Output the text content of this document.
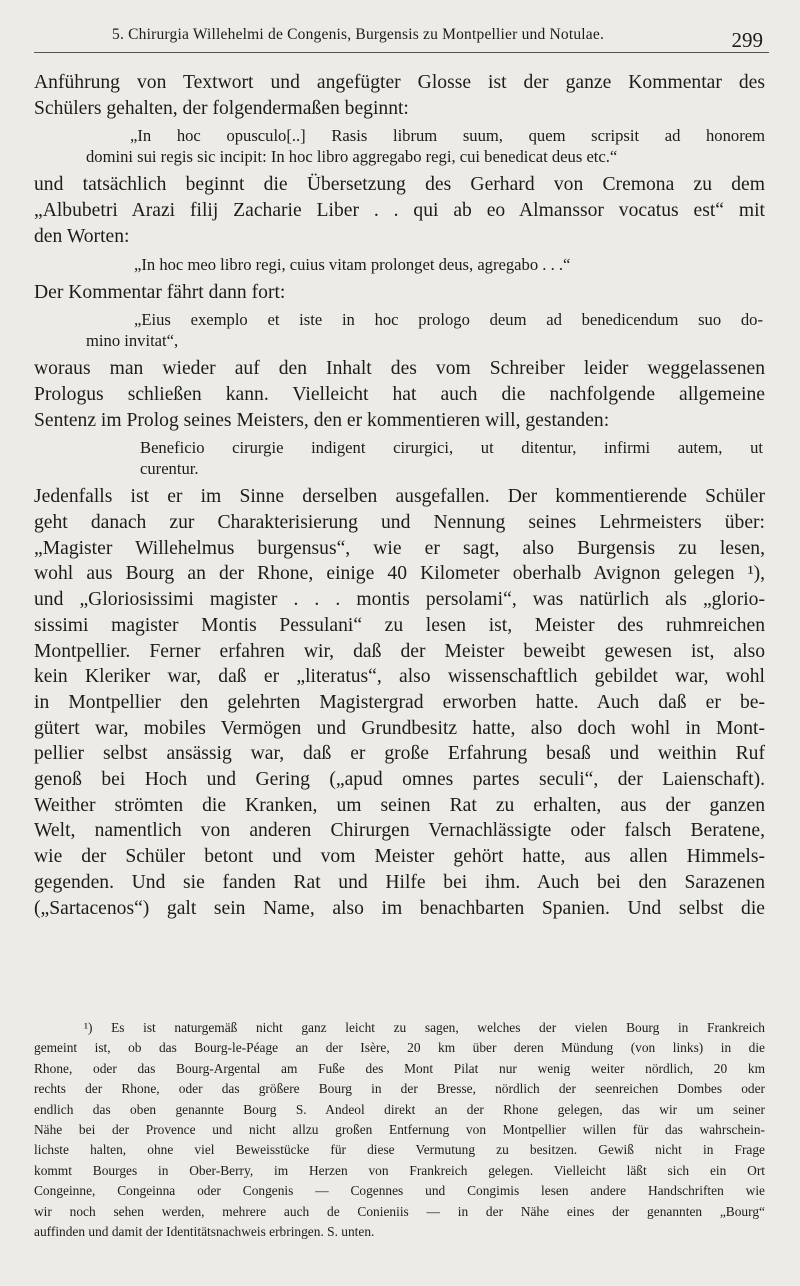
5. Chirurgia Willehelmi de Congenis, Burgensis zu Montpellier und Notulae.	299
Anführung von Textwort und angefügter Glosse ist der ganze Kommentar des
Schülers gehalten, der folgendermaßen beginnt:
„In hoc opusculo[..] Rasis librum suum, quem scripsit ad honorem
domini sui regis sic incipit: In hoc libro aggregabo regi, cui benedicat deus etc.“
und tatsächlich beginnt die Übersetzung des Gerhard von Cremona zu dem
„Albubetri Arazi filij Zacharie Liber . . qui ab eo Almanssor vocatus est“ mit
den Worten:
„In hoc meo libro regi, cuius vitam prolonget deus, agregabo . . .“
Der Kommentar fährt dann fort:
„Eius exemplo et iste in hoc prologo deum ad benedicendum suo do-
mino invitat“,
woraus man wieder auf den Inhalt des vom Schreiber leider weggelassenen
Prologus schließen kann. Vielleicht hat auch die nachfolgende allgemeine
Sentenz im Prolog seines Meisters, den er kommentieren will, gestanden:
Beneficio cirurgie indigent cirurgici, ut ditentur, infirmi autem, ut
curentur.
Jedenfalls ist er im Sinne derselben ausgefallen. Der kommentierende Schüler
geht danach zur Charakterisierung und Nennung seines Lehrmeisters über:
„Magister Willehelmus burgensus“, wie er sagt, also Burgensis zu lesen,
wohl aus Bourg an der Rhone, einige 40 Kilometer oberhalb Avignon gelegen ¹),
und „Gloriosissimi magister . . . montis persolami“, was natürlich als „glorio-
sissimi magister Montis Pessulani“ zu lesen ist, Meister des ruhmreichen
Montpellier. Ferner erfahren wir, daß der Meister beweibt gewesen ist, also
kein Kleriker war, daß er „literatus“, also wissenschaftlich gebildet war, wohl
in Montpellier den gelehrten Magistergrad erworben hatte. Auch daß er be-
gütert war, mobiles Vermögen und Grundbesitz hatte, also doch wohl in Mont-
pellier selbst ansässig war, daß er große Erfahrung besaß und weithin Ruf
genoß bei Hoch und Gering („apud omnes partes seculi“, der Laienschaft).
Weither strömten die Kranken, um seinen Rat zu erhalten, aus der ganzen
Welt, namentlich von anderen Chirurgen Vernachlässigte oder falsch Beratene,
wie der Schüler betont und vom Meister gehört hatte, aus allen Himmels-
gegenden. Und sie fanden Rat und Hilfe bei ihm. Auch bei den Sarazenen
(„Sartacenos“) galt sein Name, also im benachbarten Spanien. Und selbst die
¹) Es ist naturgemäß nicht ganz leicht zu sagen, welches der vielen Bourg in Frankreich
gemeint ist, ob das Bourg-le-Péage an der Isère, 20 km über deren Mündung (von links) in die
Rhone, oder das Bourg-Argental am Fuße des Mont Pilat nur wenig weiter nördlich, 20 km
rechts der Rhone, oder das größere Bourg in der Bresse, nördlich der seenreichen Dombes oder
endlich das oben genannte Bourg S. Andeol direkt an der Rhone gelegen, das wir um seiner
Nähe bei der Provence und nicht allzu großen Entfernung von Montpellier willen für das wahrschein-
lichste halten, ohne viel Beweisstücke für diese Vermutung zu besitzen. Gewiß nicht in Frage
kommt Bourges in Ober-Berry, im Herzen von Frankreich gelegen. Vielleicht läßt sich ein Ort
Congeinne, Congeinna oder Congenis — Cogennes und Congimis lesen andere Handschriften wie
wir noch sehen werden, mehrere auch de Conieniis — in der Nähe eines der genannten „Bourg“
auffinden und damit der Identitätsnachweis erbringen. S. unten.
